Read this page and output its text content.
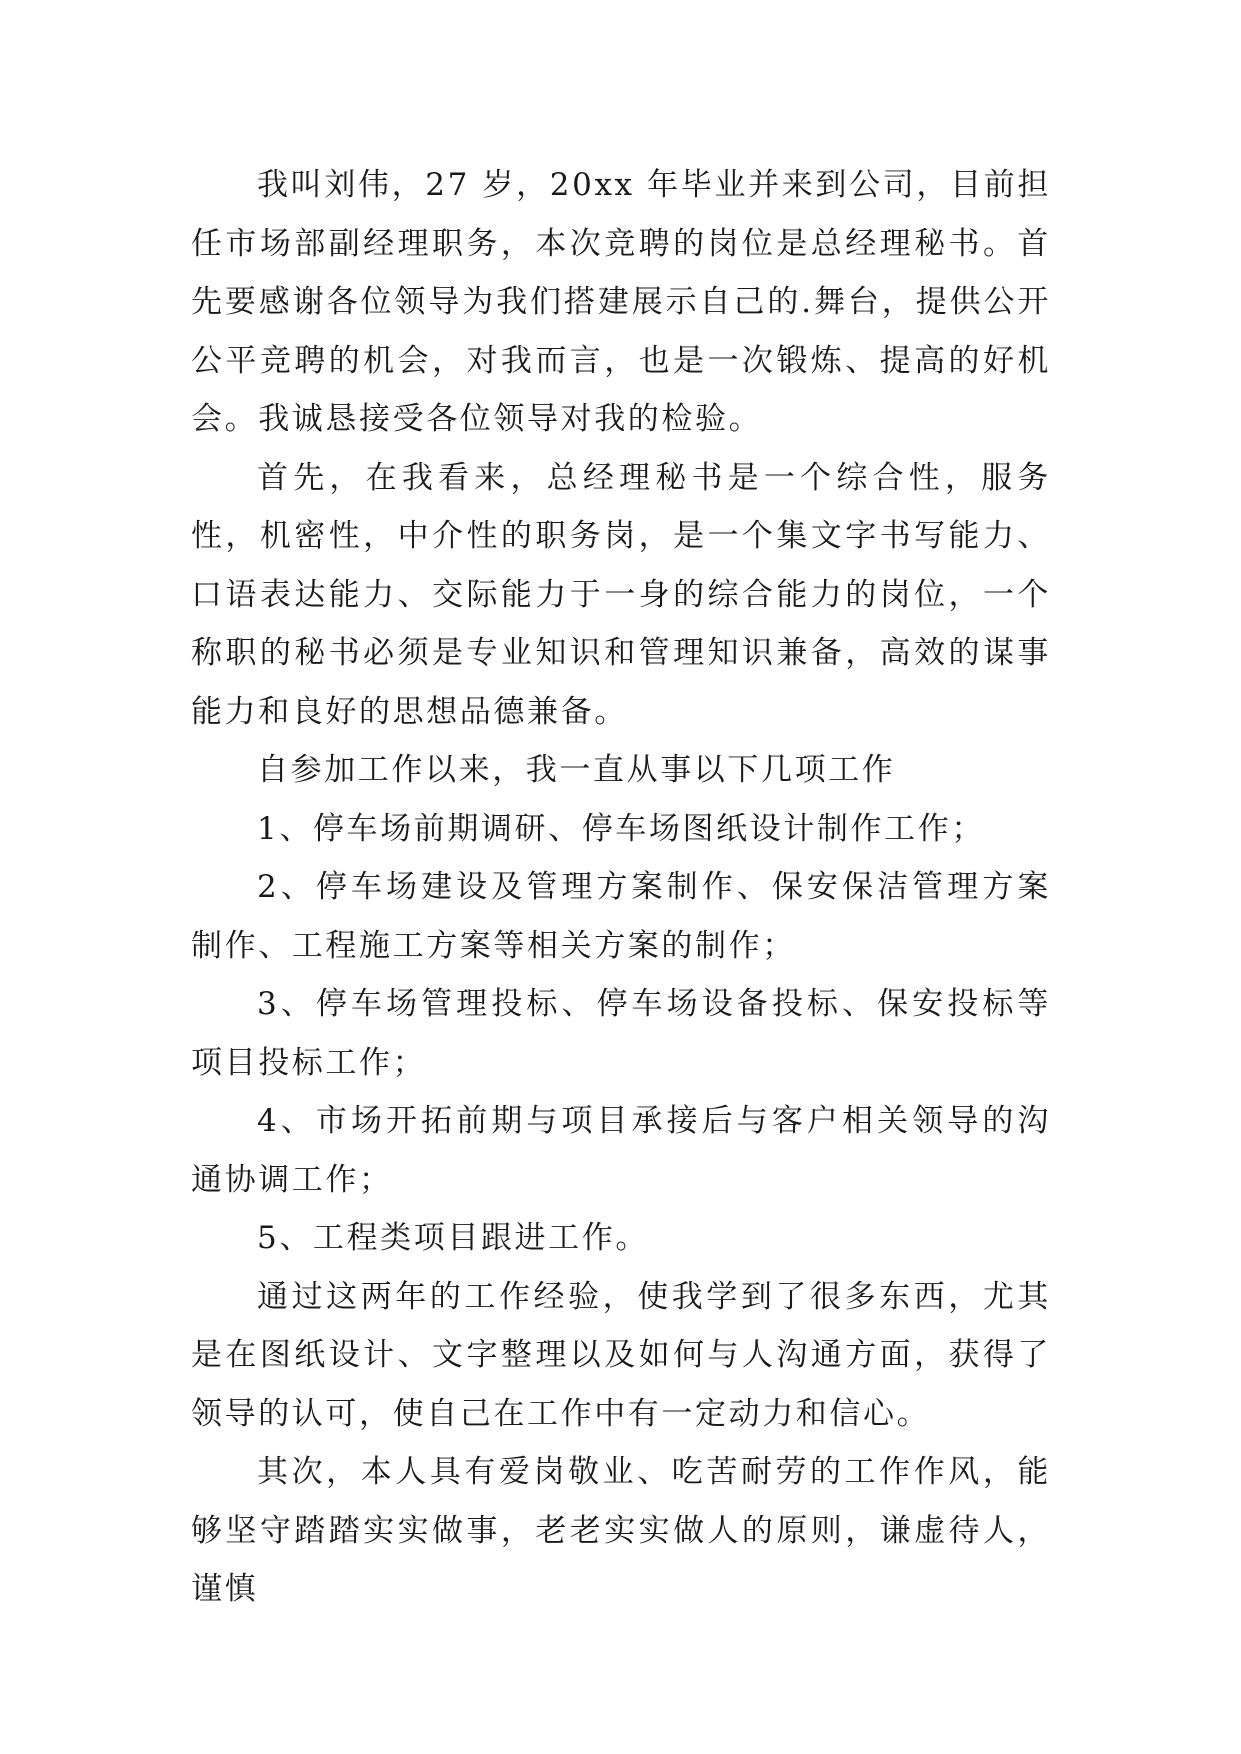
我叫刘伟，27 岁，20xx 年毕业并来到公司，目前担任市场部副经理职务，本次竞聘的岗位是总经理秘书。首先要感谢各位领导为我们搭建展示自己的.舞台，提供公开公平竞聘的机会，对我而言，也是一次锻炼、提高的好机会。我诚恳接受各位领导对我的检验。

首先，在我看来，总经理秘书是一个综合性，服务性，机密性，中介性的职务岗，是一个集文字书写能力、口语表达能力、交际能力于一身的综合能力的岗位，一个称职的秘书必须是专业知识和管理知识兼备，高效的谋事能力和良好的思想品德兼备。

自参加工作以来，我一直从事以下几项工作

1、停车场前期调研、停车场图纸设计制作工作；

2、停车场建设及管理方案制作、保安保洁管理方案制作、工程施工方案等相关方案的制作；

3、停车场管理投标、停车场设备投标、保安投标等项目投标工作；

4、市场开拓前期与项目承接后与客户相关领导的沟通协调工作；

5、工程类项目跟进工作。

通过这两年的工作经验，使我学到了很多东西，尤其是在图纸设计、文字整理以及如何与人沟通方面，获得了领导的认可，使自己在工作中有一定动力和信心。

其次，本人具有爱岗敬业、吃苦耐劳的工作作风，能够坚守踏踏实实做事，老老实实做人的原则，谦虚待人，谨慎
